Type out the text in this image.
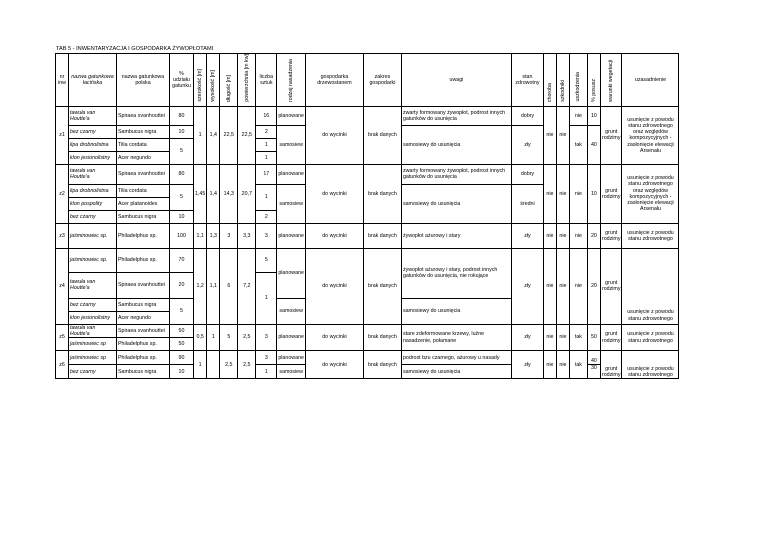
TAB 5 - INWENTARYZACJA I GOSPODARKA ŻYWOPŁOTAMI
nr inw	nazwa gatunkowa łacińska	nazwa gatunkowa polska	% udziału gatunku	szerokość [m]	wysokość [m]	długość [m]	powierzchnia [m kw]	liczba sztuk	rodzaj nasadzenia	gospodarka drzewostanem	zakres gospodarki	uwagi	stan zdrowotny	choroba	szkodniki	uszkodzenia	% posusz	warunki wegetacji	uzasadnienie
z1	tawuła van Houtte'a	Spiraea xvanhouttei	80	1	1,4	22,5	22,5	16	planowane	do wycinki	brak danych	zwarty formowany żywopłot, podrost innych gatunków do usunięcia	dobry	nie	nie	nie	10	grunt rodzimy	usunięcie z powodu stanu zdrowotnego oraz względów kompozycyjnych - zasłonięcie elewacji Arsenału
	bez czarny	Sambucus nigra	10					2	samosiew			samosiewy do usunięcia	zły			tak	40		
	lipa drobnolistna	Tilia cordata	5					1											
	klon jesionolistny	Acer negundo						1											
z2	tawuła van Houtte'a	Spiraea xvanhouttei	80	1,45	1,4	14,3	20,7	17	planowane	do wycinki	brak danych	zwarty formowany żywopłot, podrost innych gatunków do usunięcia	dobry	nie	nie	nie	10	grunt rodzimy	usunięcie z powodu stanu zdrowotnego oraz względów kompozycyjnych - zasłonięcie elewacji Arsenału
	lipa drobnolistna	Tilia cordata	5					1	samosiew			samosiewy do usunięcia	średni						
	klon pospolity	Acer platanoides																	
	bez czarny	Sambucus nigra	10					2											
z3	jaśminowiec sp.	Philadelphus sp.	100	1,1	1,3	3	3,3	3	planowane	do wycinki	brak danych	żywopłot ażurowy i stary	zły	nie	nie	nie	20	grunt rodzimy	usunięcie z powodu stanu zdrowotnego
z4	jaśminowiec sp.	Philadelphus sp.	70	1,2	1,1	6	7,2	5	planowane	do wycinki	brak danych	żywopłot ażurowy i stary, podrost innych gatunków do usunięcia, nie rokujące	zły	nie	nie	nie	20	grunt rodzimy	usunięcie z powodu stanu zdrowotnego
	tawuła van Houtte'a	Spiraea xvanhouttei	20					1											
	bez czarny	Sambucus nigra	5						samosiew			samosiewy do usunięcia							
	klon jesionolistny	Acer negundo																	
z5	tawuła van Houtte'a	Spiraea xvanhouttei	50	0,5	1	5	2,5	3	planowane	do wycinki	brak danych	stare zdeformowane krzewy, luźne nasadzenie, połamane	zły	nie	nie	tak	50	grunt rodzimy	usunięcie z powodu stanu zdrowotnego
	jaśminowiec sp	Philadelphus sp.	50																
z6	jaśminowiec sp	Philadelphus sp.	90	1		2,5	2,5	3	planowane	do wycinki	brak danych	podrost bzu czarnego, ażurowy u nasady	zły	nie	nie	tak	40	grunt rodzimy	usunięcie z powodu stanu zdrowotnego
	bez czarny	Sambucus nigra	10					1	samosiew			samosiewy do usunięcia					30		
